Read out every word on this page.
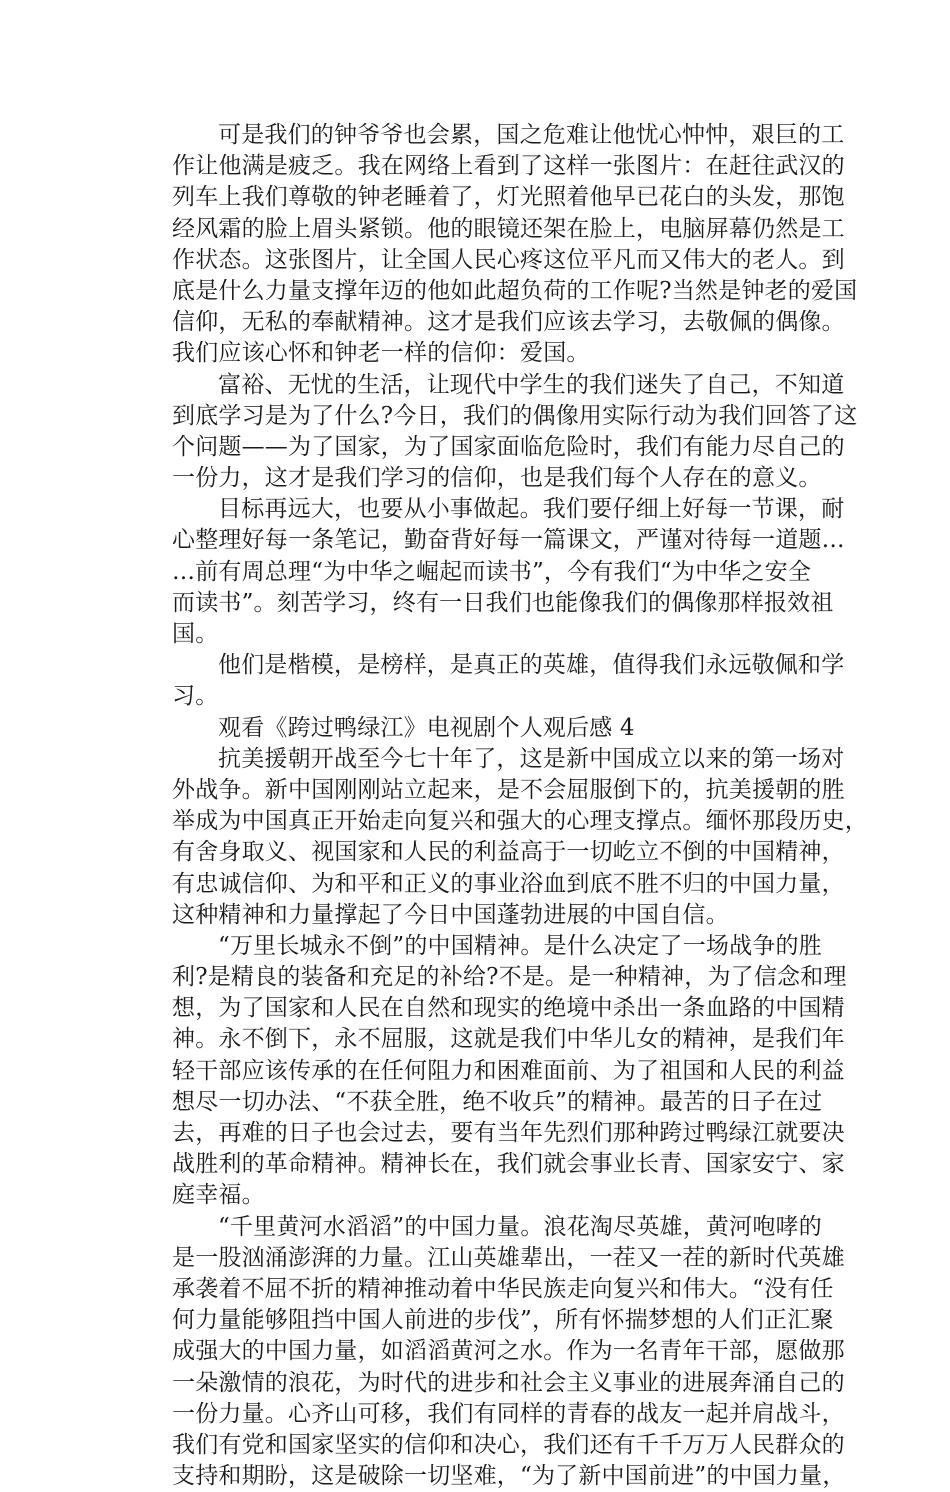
可是我们的钟爷爷也会累，国之危难让他忧心忡忡，艰巨的工
作让他满是疲乏。我在网络上看到了这样一张图片：在赶往武汉的
列车上我们尊敬的钟老睡着了，灯光照着他早已花白的头发，那饱
经风霜的脸上眉头紧锁。他的眼镜还架在脸上，电脑屏幕仍然是工
作状态。这张图片，让全国人民心疼这位平凡而又伟大的老人。到
底是什么力量支撑年迈的他如此超负荷的工作呢?当然是钟老的爱国
信仰，无私的奉献精神。这才是我们应该去学习，去敬佩的偶像。
我们应该心怀和钟老一样的信仰：爱国。
富裕、无忧的生活，让现代中学生的我们迷失了自己，不知道
到底学习是为了什么?今日，我们的偶像用实际行动为我们回答了这
个问题——为了国家，为了国家面临危险时，我们有能力尽自己的
一份力，这才是我们学习的信仰，也是我们每个人存在的意义。
目标再远大，也要从小事做起。我们要仔细上好每一节课，耐
心整理好每一条笔记，勤奋背好每一篇课文，严谨对待每一道题…
…前有周总理“为中华之崛起而读书”，今有我们“为中华之安全
而读书”。刻苦学习，终有一日我们也能像我们的偶像那样报效祖
国。
他们是楷模，是榜样，是真正的英雄，值得我们永远敬佩和学
习。
观看《跨过鸭绿江》电视剧个人观后感 4
抗美援朝开战至今七十年了，这是新中国成立以来的第一场对
外战争。新中国刚刚站立起来，是不会屈服倒下的，抗美援朝的胜
举成为中国真正开始走向复兴和强大的心理支撑点。缅怀那段历史，
有舍身取义、视国家和人民的利益高于一切屹立不倒的中国精神，
有忠诚信仰、为和平和正义的事业浴血到底不胜不归的中国力量，
这种精神和力量撑起了今日中国蓬勃进展的中国自信。
“万里长城永不倒”的中国精神。是什么决定了一场战争的胜
利?是精良的装备和充足的补给?不是。是一种精神，为了信念和理
想，为了国家和人民在自然和现实的绝境中杀出一条血路的中国精
神。永不倒下，永不屈服，这就是我们中华儿女的精神，是我们年
轻干部应该传承的在任何阻力和困难面前、为了祖国和人民的利益
想尽一切办法、“不获全胜，绝不收兵”的精神。最苦的日子在过
去，再难的日子也会过去，要有当年先烈们那种跨过鸭绿江就要决
战胜利的革命精神。精神长在，我们就会事业长青、国家安宁、家
庭幸福。
“千里黄河水滔滔”的中国力量。浪花淘尽英雄，黄河咆哮的
是一股汹涌澎湃的力量。江山英雄辈出，一茬又一茬的新时代英雄
承袭着不屈不折的精神推动着中华民族走向复兴和伟大。“没有任
何力量能够阻挡中国人前进的步伐”，所有怀揣梦想的人们正汇聚
成强大的中国力量，如滔滔黄河之水。作为一名青年干部，愿做那
一朵激情的浪花，为时代的进步和社会主义事业的进展奔涌自己的
一份力量。心齐山可移，我们有同样的青春的战友一起并肩战斗，
我们有党和国家坚实的信仰和决心，我们还有千千万万人民群众的
支持和期盼，这是破除一切坚难，“为了新中国前进”的中国力量，
